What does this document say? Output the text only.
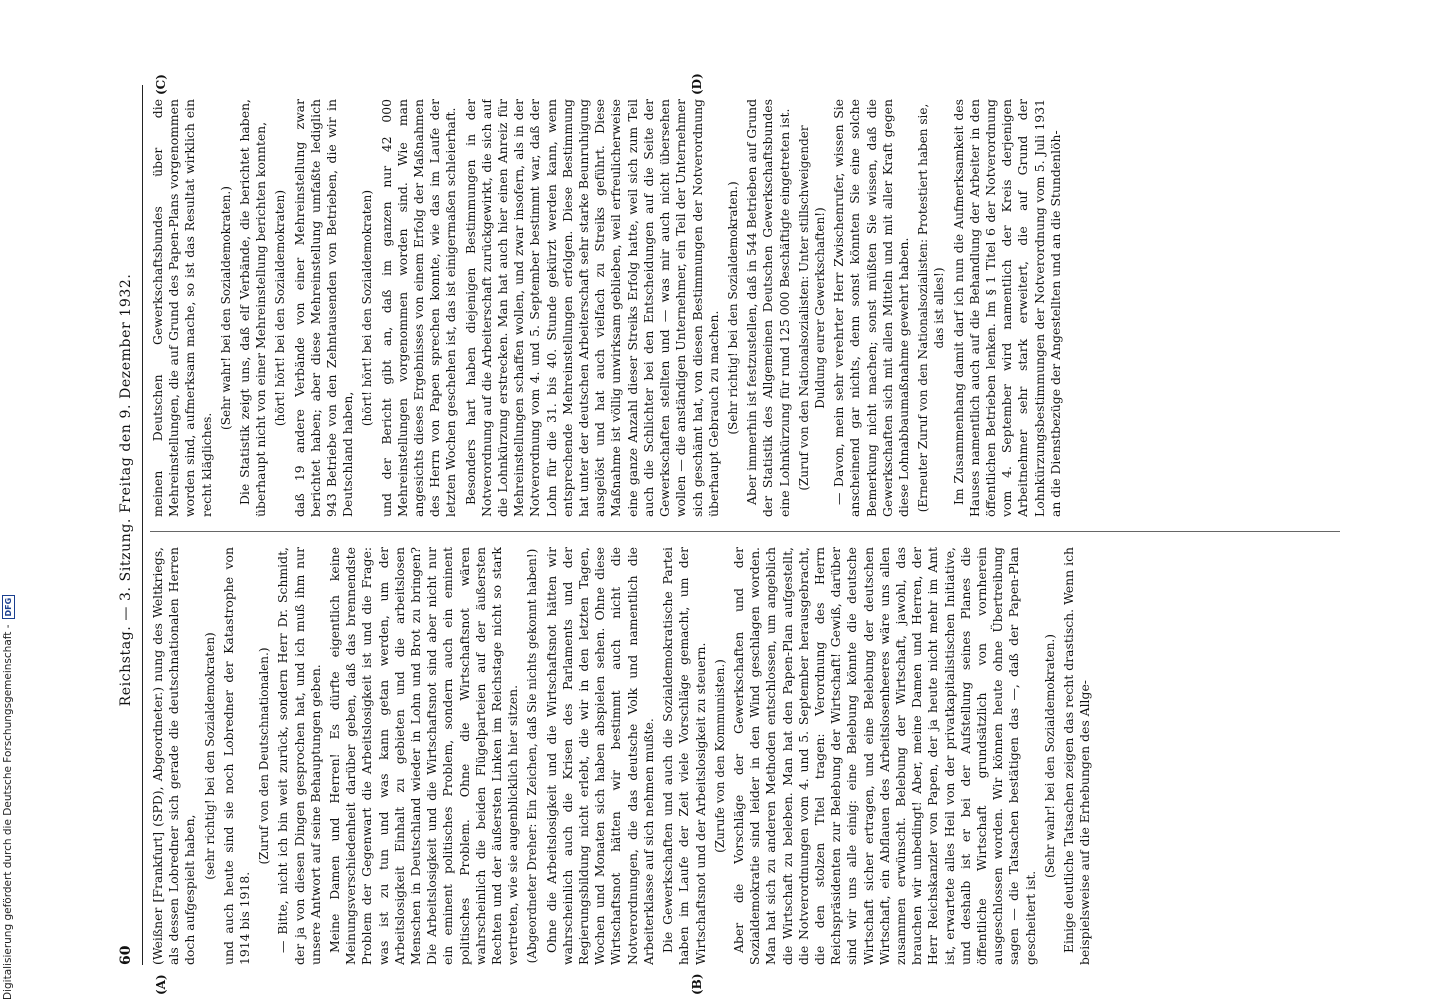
60
Reichstag. — 3. Sitzung. Freitag den 9. Dezember 1932.
(A)	(B)
(C)	(D)

(Weißner [Frankfurt] (SPD), Abgeordneter.) nung des Weltkriegs, als dessen Lobredner sich gerade die deutschnationalen Herren doch aufgespielt haben,

(sehr richtig! bei den Sozialdemokraten) und auch heute sind sie noch Lobredner der Katastrophe von 1914 bis 1918.

(Zuruf von den Deutschnationalen.) — Bitte, nicht ich bin weit zurück, sondern Herr Dr. Schmidt, der ja von diesen Dingen gesprochen hat, und ich muß ihm nur unsere Antwort auf seine Behauptungen geben. Meine Damen und Herren! Es dürfte eigentlich keine Meinungsverschiedenheit darüber geben, daß das brennendste Problem der Gegenwart die Arbeitslosigkeit ist und die Frage: was ist zu tun und was kann getan werden, um der Arbeitslosigkeit Einhalt zu gebieten und die arbeitslosen Menschen in Deutschland wieder in Lohn und Brot zu bringen? Die Arbeitslosigkeit und die Wirtschaftsnot sind aber nicht nur ein eminent politisches Problem, sondern auch ein eminent politisches Problem. Ohne die Wirtschaftsnot wären wahrscheinlich die beiden Flügelparteien auf der äußersten Rechten und der äußersten Linken im Reichstage nicht so stark vertreten, wie sie augenblicklich hier sitzen. (Abgeordneter Dreher: Ein Zeichen, daß Sie nichts gekonnt haben!) Ohne die Arbeitslosigkeit und die Wirtschaftsnot hätten wir wahrscheinlich auch die Krisen des Parlaments und der Regierungsbildung nicht erlebt, die wir in den letzten Tagen, Wochen und Monaten sich haben abspielen sehen. Ohne diese Wirtschaftsnot hätten wir bestimmt auch nicht die Notverordnungen, die das deutsche Volk und namentlich die Arbeiterklasse auf sich nehmen mußte. Die Gewerkschaften und auch die Sozialdemokratische Partei haben im Laufe der Zeit viele Vorschläge gemacht, um der Wirtschaftsnot und der Arbeitslosigkeit zu steuern. (Zurufe von den Kommunisten.) Aber die Vorschläge der Gewerkschaften und der Sozialdemokratie sind leider in den Wind geschlagen worden. Man hat sich zu anderen Methoden entschlossen, um angeblich die Wirtschaft zu beleben. Man hat den Papen-Plan aufgestellt, die Notverordnungen vom 4. und 5. September herausgebracht, die den stolzen Titel tragen: Verordnung des Herrn Reichspräsidenten zur Belebung der Wirtschaft! Gewiß, darüber sind wir uns alle einig: eine Belebung könnte die deutsche Wirtschaft sicher ertragen, und eine Belebung der deutschen Wirtschaft, ein Abflauen des Arbeitslosenheeres wäre uns allen zusammen erwünscht. Belebung der Wirtschaft, jawohl, das brauchen wir unbedingt! Aber, meine Damen und Herren, der Herr Reichskanzler von Papen, der ja heute nicht mehr im Amt ist, erwartete alles Heil von der privatkapitalistischen Initiative, und deshalb ist er bei der Aufstellung seines Planes die öffentliche Wirtschaft grundsätzlich von vornherein ausgeschlossen worden. Wir können heute ohne Übertreibung sagen — die Tatsachen bestätigen das —, daß der Papen-Plan gescheitert ist.

(Sehr wahr! bei den Sozialdemokraten.) Einige deutliche Tatsachen zeigen das recht drastisch. Wenn ich beispielsweise auf die Erhebungen des Allge-

meinen Deutschen Gewerkschaftsbundes über die Mehreinstellungen, die auf Grund des Papen-Plans vorgenommen worden sind, aufmerksam mache, so ist das Resultat wirklich ein recht klägliches.

(Sehr wahr! bei den Sozialdemokraten.) Die Statistik zeigt uns, daß elf Verbände, die berichtet haben, überhaupt nicht von einer Mehreinstellung berichten konnten, (hört! hört! bei den Sozialdemokraten) daß 19 andere Verbände von einer Mehreinstellung zwar berichtet haben; aber diese Mehreinstellung umfaßte lediglich 943 Betriebe von den Zehntausenden von Betrieben, die wir in Deutschland haben,

(hört! hört! bei den Sozialdemokraten) und der Bericht gibt an, daß im ganzen nur 42 000 Mehreinstellungen vorgenommen worden sind. Wie man angesichts dieses Ergebnisses von einem Erfolg der Maßnahmen des Herrn von Papen sprechen konnte, wie das im Laufe der letzten Wochen geschehen ist, das ist einigermaßen schleierhaft. Besonders hart haben diejenigen Bestimmungen in der Notverordnung auf die Arbeiterschaft zurückgewirkt, die sich auf die Lohnkürzung erstrecken. Man hat auch hier einen Anreiz für Mehreinstellungen schaffen wollen, und zwar insofern, als in der Notverordnung vom 4. und 5. September bestimmt war, daß der Lohn für die 31. bis 40. Stunde gekürzt werden kann, wenn entsprechende Mehreinstellungen erfolgen. Diese Bestimmung hat unter der deutschen Arbeiterschaft sehr starke Beunruhigung ausgelöst und hat auch vielfach zu Streiks geführt. Diese Maßnahme ist völlig unwirksam geblieben, weil erfreulicherweise eine ganze Anzahl dieser Streiks Erfolg hatte, weil sich zum Teil auch die Schlichter bei den Entscheidungen auf die Seite der Gewerkschaften stellten und — was mir auch nicht übersehen wollen — die anständigen Unternehmer, ein Teil der Unternehmer sich geschämt hat, von diesen Bestimmungen der Notverordnung überhaupt Gebrauch zu machen. (Sehr richtig! bei den Sozialdemokraten.) Aber immerhin ist festzustellen, daß in 544 Betrieben auf Grund der Statistik des Allgemeinen Deutschen Gewerkschaftsbundes eine Lohnkürzung für rund 125 000 Beschäftigte eingetreten ist. (Zuruf von den Nationalsozialisten: Unter stillschweigender Duldung eurer Gewerkschaften!) — Davon, mein sehr verehrter Herr Zwischenrufer, wissen Sie anscheinend gar nichts, denn sonst könnten Sie eine solche Bemerkung nicht machen; sonst müßten Sie wissen, daß die Gewerkschaften sich mit allen Mitteln und mit aller Kraft gegen diese Lohnabbaumaßnahme gewehrt haben. (Erneuter Zuruf von den Nationalsozialisten: Protestiert haben sie, das ist alles!) Im Zusammenhang damit darf ich nun die Aufmerksamkeit des Hauses namentlich auch auf die Behandlung der Arbeiter in den öffentlichen Betrieben lenken. Im § 1 Titel 6 der Notverordnung vom 4. September wird namentlich der Kreis derjenigen Arbeitnehmer sehr stark erweitert, die auf Grund der Lohnkürzungsbestimmungen der Notverordnung vom 5. Juli 1931 an die Dienstbezüge der Angestellten und an die Stundenlöh-

Digitalisierung gefördert durch die Deutsche Forschungsgemeinschaft -
DFG
